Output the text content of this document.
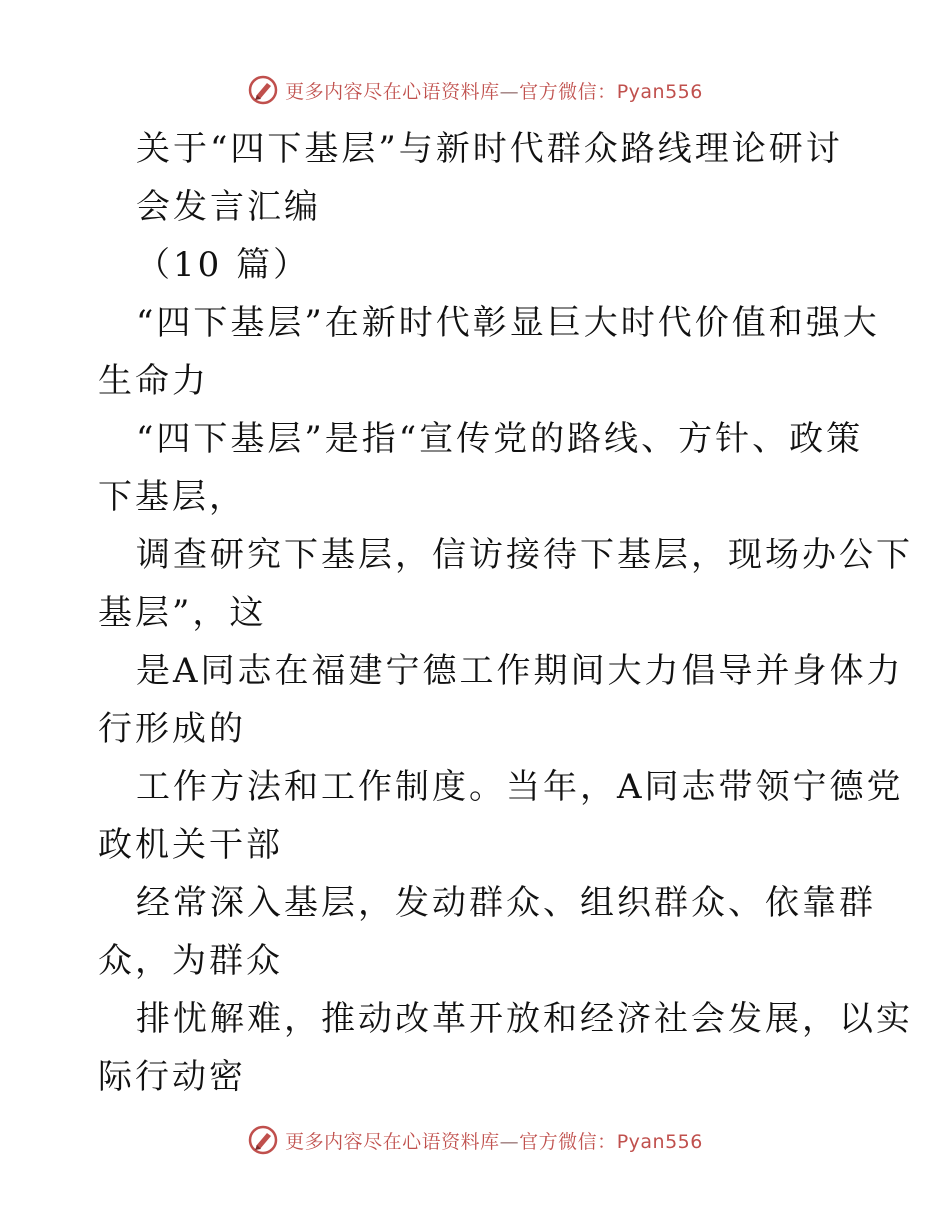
更多内容尽在心语资料库—官方微信：Pyan556
关于“四下基层”与新时代群众路线理论研讨
会发言汇编
（10 篇）
“四下基层”在新时代彰显巨大时代价值和强大
生命力
“四下基层”是指“宣传党的路线、方针、政策
下基层，
调查研究下基层，信访接待下基层，现场办公下
基层”，这
是A同志在福建宁德工作期间大力倡导并身体力
行形成的
工作方法和工作制度。当年，A同志带领宁德党
政机关干部
经常深入基层，发动群众、组织群众、依靠群
众，为群众
排忧解难，推动改革开放和经济社会发展，以实
际行动密
更多内容尽在心语资料库—官方微信：Pyan556
